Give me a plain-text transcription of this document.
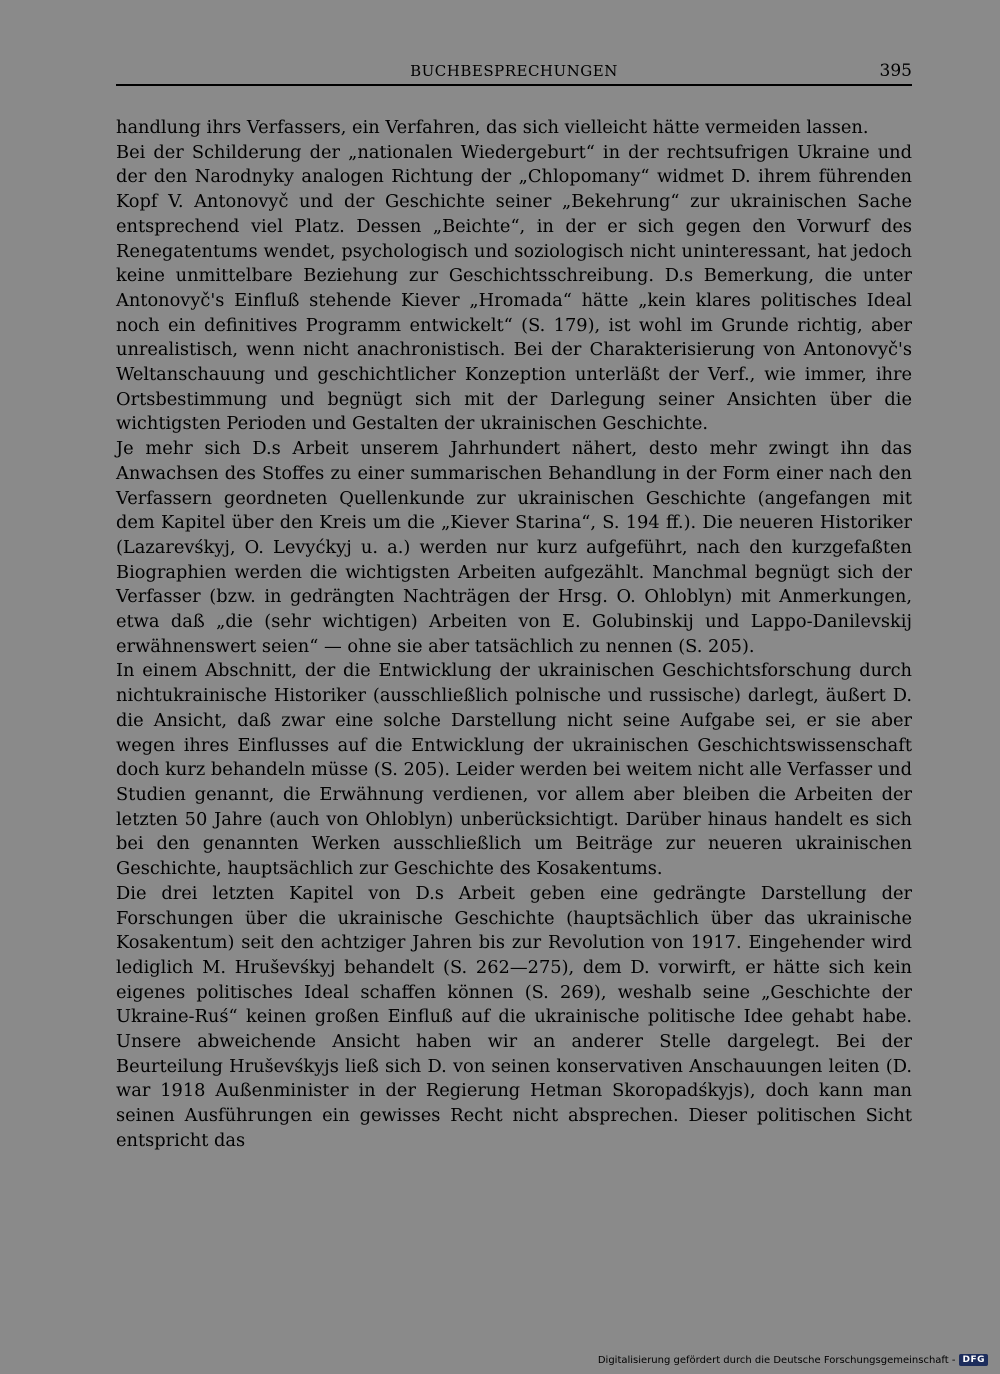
BUCHBESPRECHUNGEN	395

handlung ihrs Verfassers, ein Verfahren, das sich vielleicht hätte vermeiden lassen.

Bei der Schilderung der „nationalen Wiedergeburt“ in der rechtsufrigen Ukraine und der den Narodnyky analogen Richtung der „Chlopomany“ widmet D. ihrem führenden Kopf V. Antonovyč und der Geschichte seiner „Bekehrung“ zur ukrainischen Sache entsprechend viel Platz. Dessen „Beichte“, in der er sich gegen den Vorwurf des Renegatentums wendet, psychologisch und soziologisch nicht uninteressant, hat jedoch keine unmittelbare Beziehung zur Geschichtsschreibung. D.s Bemerkung, die unter Antonovyč's Einfluß stehende Kiever „Hromada“ hätte „kein klares politisches Ideal noch ein definitives Programm entwickelt“ (S. 179), ist wohl im Grunde richtig, aber unrealistisch, wenn nicht anachronistisch. Bei der Charakterisierung von Antonovyč's Weltanschauung und geschichtlicher Konzeption unterläßt der Verf., wie immer, ihre Ortsbestimmung und begnügt sich mit der Darlegung seiner Ansichten über die wichtigsten Perioden und Gestalten der ukrainischen Geschichte.

Je mehr sich D.s Arbeit unserem Jahrhundert nähert, desto mehr zwingt ihn das Anwachsen des Stoffes zu einer summarischen Behandlung in der Form einer nach den Verfassern geordneten Quellenkunde zur ukrainischen Geschichte (angefangen mit dem Kapitel über den Kreis um die „Kiever Starina“, S. 194 ff.). Die neueren Historiker (Lazarevśkyj, O. Levyćkyj u. a.) werden nur kurz aufgeführt, nach den kurzgefaßten Biographien werden die wichtigsten Arbeiten aufgezählt. Manchmal begnügt sich der Verfasser (bzw. in gedrängten Nachträgen der Hrsg. O. Ohloblyn) mit Anmerkungen, etwa daß „die (sehr wichtigen) Arbeiten von E. Golubinskij und Lappo-Danilevskij erwähnenswert seien“ — ohne sie aber tatsächlich zu nennen (S. 205).

In einem Abschnitt, der die Entwicklung der ukrainischen Geschichtsforschung durch nichtukrainische Historiker (ausschließlich polnische und russische) darlegt, äußert D. die Ansicht, daß zwar eine solche Darstellung nicht seine Aufgabe sei, er sie aber wegen ihres Einflusses auf die Entwicklung der ukrainischen Geschichtswissenschaft doch kurz behandeln müsse (S. 205). Leider werden bei weitem nicht alle Verfasser und Studien genannt, die Erwähnung verdienen, vor allem aber bleiben die Arbeiten der letzten 50 Jahre (auch von Ohloblyn) unberücksichtigt. Darüber hinaus handelt es sich bei den genannten Werken ausschließlich um Beiträge zur neueren ukrainischen Geschichte, hauptsächlich zur Geschichte des Kosakentums.

Die drei letzten Kapitel von D.s Arbeit geben eine gedrängte Darstellung der Forschungen über die ukrainische Geschichte (hauptsächlich über das ukrainische Kosakentum) seit den achtziger Jahren bis zur Revolution von 1917. Eingehender wird lediglich M. Hruševśkyj behandelt (S. 262—275), dem D. vorwirft, er hätte sich kein eigenes politisches Ideal schaffen können (S. 269), weshalb seine „Geschichte der Ukraine-Ruś“ keinen großen Einfluß auf die ukrainische politische Idee gehabt habe. Unsere abweichende Ansicht haben wir an anderer Stelle dargelegt. Bei der Beurteilung Hruševśkyjs ließ sich D. von seinen konservativen Anschauungen leiten (D. war 1918 Außenminister in der Regierung Hetman Skoropadśkyjs), doch kann man seinen Ausführungen ein gewisses Recht nicht absprechen. Dieser politischen Sicht entspricht das

Digitalisierung gefördert durch die Deutsche Forschungsgemeinschaft - DFG
